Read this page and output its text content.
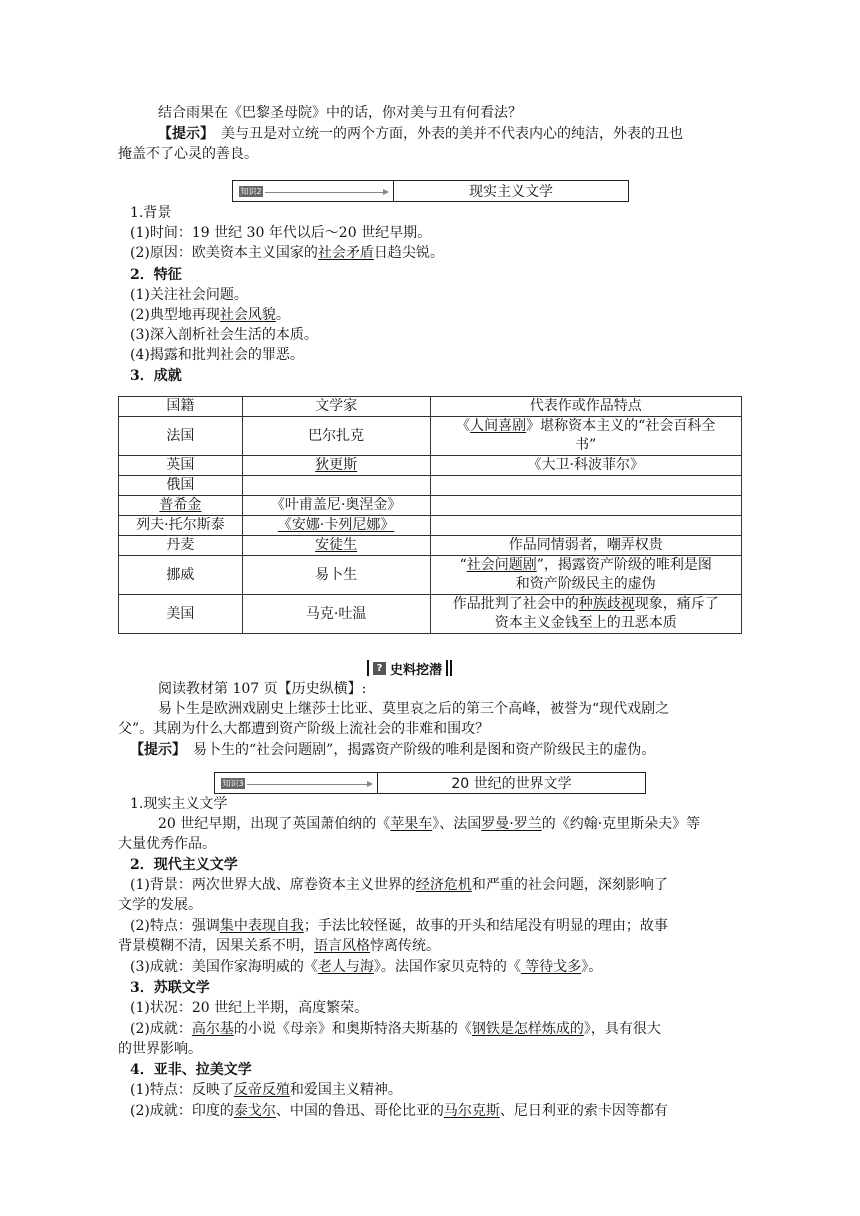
结合雨果在《巴黎圣母院》中的话，你对美与丑有何看法？
【提示】　 美与丑是对立统一的两个方面，外表的美并不代表内心的纯洁，外表的丑也
掩盖不了心灵的善良。
知识2	现实主义文学
1.背景
(1)时间：19 世纪 30 年代以后～20 世纪早期。
(2)原因：欧美资本主义国家的社会矛盾日趋尖锐。
2．特征
(1)关注社会问题。
(2)典型地再现社会风貌。
(3)深入剖析社会生活的本质。
(4)揭露和批判社会的罪恶。
3．成就
国籍	文学家	代表作或作品特点
法国	巴尔扎克	《人间喜剧》堪称资本主义的“社会百科全
书”
英国	狄更斯	《大卫·科波菲尔》
俄国		
普希金	《叶甫盖尼·奥涅金》	
列夫·托尔斯泰	《安娜·卡列尼娜》	
丹麦	安徒生	作品同情弱者，嘲弄权贵
挪威	易卜生	“社会问题剧”，揭露资产阶级的唯利是图
和资产阶级民主的虚伪
美国	马克·吐温	作品批判了社会中的种族歧视现象，痛斥了
资本主义金钱至上的丑恶本质
? 史料挖潜
阅读教材第 107 页【历史纵横】:
易卜生是欧洲戏剧史上继莎士比亚、莫里哀之后的第三个高峰，被誉为“现代戏剧之
父”。其剧为什么大都遭到资产阶级上流社会的非难和围攻？
【提示】　 易卜生的“社会问题剧”，揭露资产阶级的唯利是图和资产阶级民主的虚伪。
知识3	20 世纪的世界文学
1.现实主义文学
20 世纪早期，出现了英国萧伯纳的《苹果车》、法国罗曼·罗兰的《约翰·克里斯朵夫》等
大量优秀作品。
2．现代主义文学
(1)背景：两次世界大战、席卷资本主义世界的经济危机和严重的社会问题，深刻影响了
文学的发展。
(2)特点：强调集中表现自我；手法比较怪诞，故事的开头和结尾没有明显的理由；故事
背景模糊不清，因果关系不明，语言风格悖离传统。
(3)成就：美国作家海明威的《老人与海》。法国作家贝克特的《 等待戈多》。
3．苏联文学
(1)状况：20 世纪上半期，高度繁荣。
(2)成就：高尔基的小说《母亲》和奥斯特洛夫斯基的《钢铁是怎样炼成的》，具有很大
的世界影响。
4．亚非、拉美文学
(1)特点：反映了反帝反殖和爱国主义精神。
(2)成就：印度的泰戈尔、中国的鲁迅、哥伦比亚的马尔克斯、尼日利亚的索卡因等都有
